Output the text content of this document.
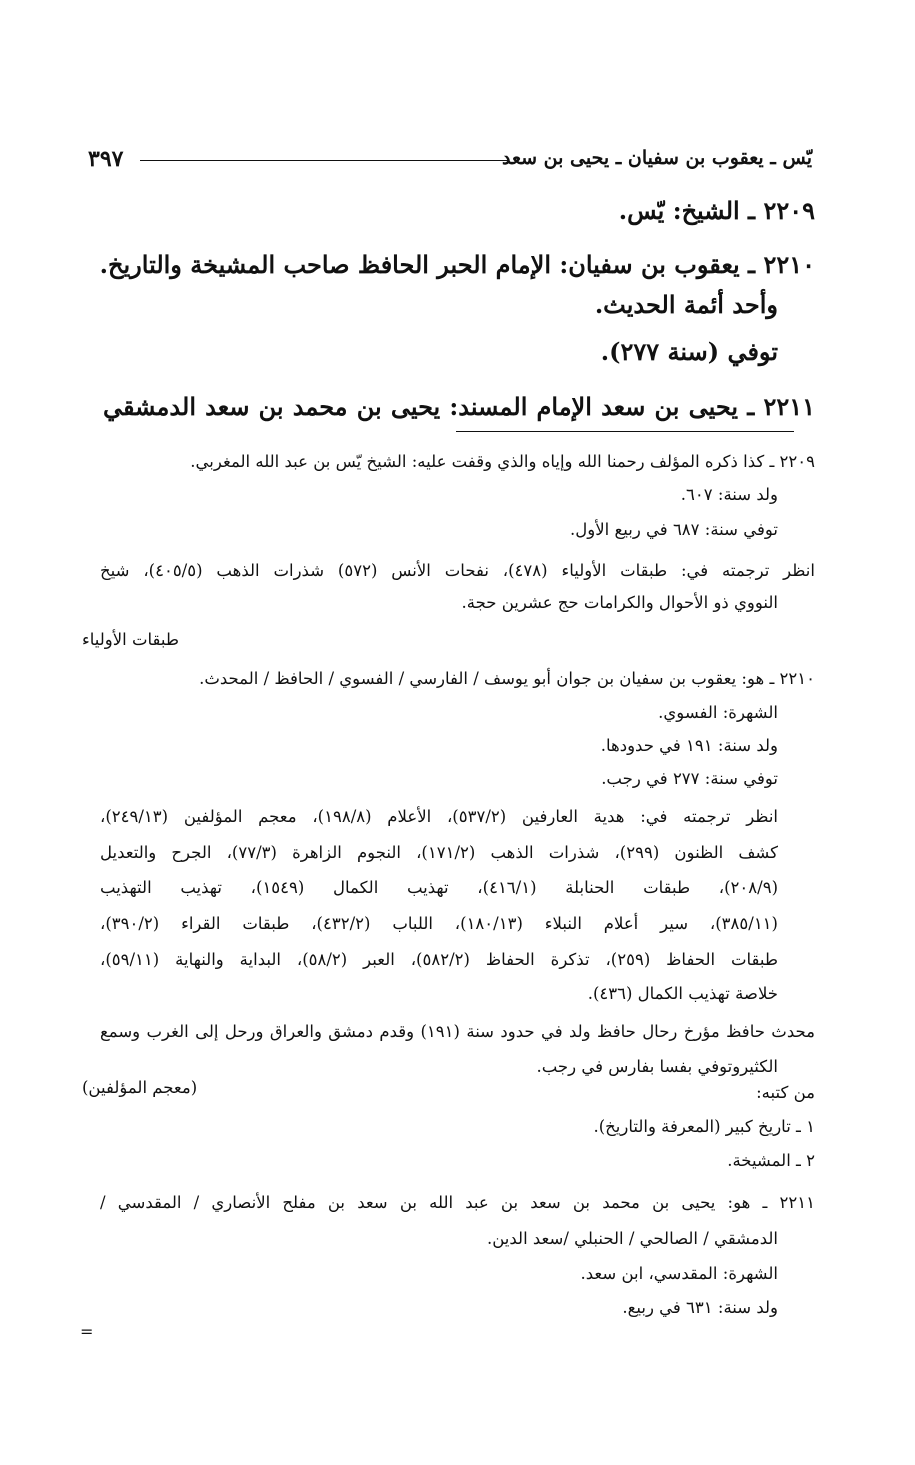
يّس ـ يعقوب بن سفيان ـ يحيى بن سعد
٣٩٧
٢٢٠٩ ـ الشيخ: يّس.
٢٢١٠ ـ يعقوب بن سفيان: الإمام الحبر الحافظ صاحب المشيخة والتاريخ.
وأحد أئمة الحديث.
توفي (سنة ٢٧٧).
٢٢١١ ـ يحيى بن سعد الإمام المسند: يحيى بن محمد بن سعد الدمشقي
٢٢٠٩ ـ كذا ذكره المؤلف رحمنا الله وإياه والذي وقفت عليه: الشيخ يّس بن عبد الله المغربي.
ولد سنة: ٦٠٧.
توفي سنة: ٦٨٧ في ربيع الأول.
انظر ترجمته في: طبقات الأولياء (٤٧٨)، نفحات الأنس (٥٧٢) شذرات الذهب (٤٠٥/٥)، شيخ
النووي ذو الأحوال والكرامات حج عشرين حجة.
طبقات الأولياء
٢٢١٠ ـ هو: يعقوب بن سفيان بن جوان أبو يوسف / الفارسي / الفسوي / الحافظ / المحدث.
الشهرة: الفسوي.
ولد سنة: ١٩١ في حدودها.
توفي سنة: ٢٧٧ في رجب.
انظر ترجمته في: هدية العارفين (٥٣٧/٢)، الأعلام (١٩٨/٨)، معجم المؤلفين (٢٤٩/١٣)،
كشف الظنون (٢٩٩)، شذرات الذهب (١٧١/٢)، النجوم الزاهرة (٧٧/٣)، الجرح والتعديل
(٢٠٨/٩)، طبقات الحنابلة (٤١٦/١)، تهذيب الكمال (١٥٤٩)، تهذيب التهذيب
(٣٨٥/١١)، سير أعلام النبلاء (١٨٠/١٣)، اللباب (٤٣٢/٢)، طبقات القراء (٣٩٠/٢)،
طبقات الحفاظ (٢٥٩)، تذكرة الحفاظ (٥٨٢/٢)، العبر (٥٨/٢)، البداية والنهاية (٥٩/١١)،
خلاصة تهذيب الكمال (٤٣٦).
محدث حافظ مؤرخ رحال حافظ ولد في حدود سنة (١٩١) وقدم دمشق والعراق ورحل إلى الغرب وسمع
الكثيروتوفي بفسا بفارس في رجب.
من كتبه:
(معجم المؤلفين)
١ ـ تاريخ كبير (المعرفة والتاريخ).
٢ ـ المشيخة.
٢٢١١ ـ هو: يحيى بن محمد بن سعد بن عبد الله بن سعد بن مفلح الأنصاري / المقدسي /
الدمشقي / الصالحي / الحنبلي /سعد الدين.
الشهرة: المقدسي، ابن سعد.
ولد سنة: ٦٣١ في ربيع.
=
